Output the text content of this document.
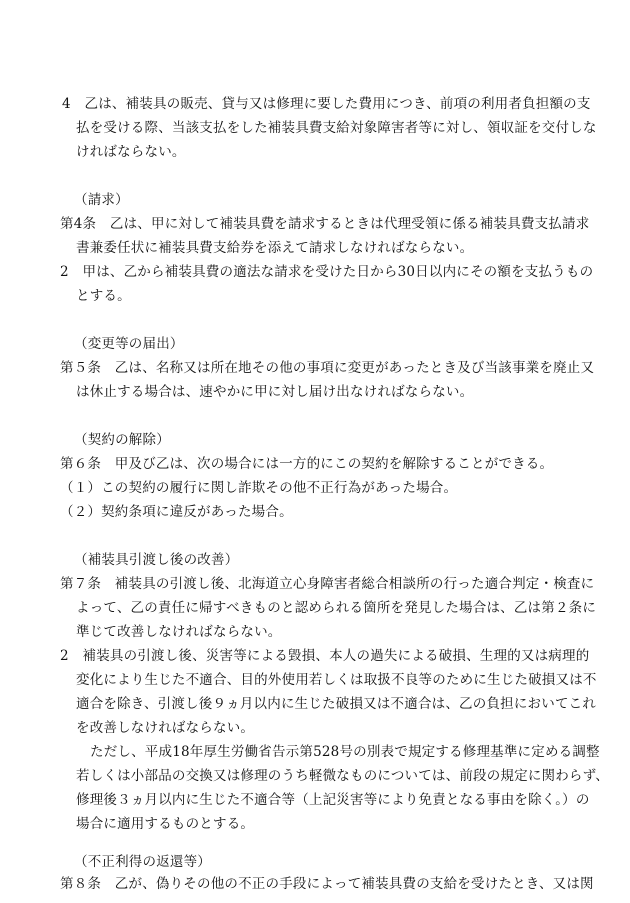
4　乙は、補装具の販売、貸与又は修理に要した費用につき、前項の利用者負担額の支
払を受ける際、当該支払をした補装具費支給対象障害者等に対し、領収証を交付しな
ければならない。
（請求）
第4条　乙は、甲に対して補装具費を請求するときは代理受領に係る補装具費支払請求
書兼委任状に補装具費支給券を添えて請求しなければならない。
2　甲は、乙から補装具費の適法な請求を受けた日から30日以内にその額を支払うもの
とする。
（変更等の届出）
第５条　乙は、名称又は所在地その他の事項に変更があったとき及び当該事業を廃止又
は休止する場合は、速やかに甲に対し届け出なければならない。
（契約の解除）
第６条　甲及び乙は、次の場合には一方的にこの契約を解除することができる。
（１）この契約の履行に関し詐欺その他不正行為があった場合。
（２）契約条項に違反があった場合。
（補装具引渡し後の改善）
第７条　補装具の引渡し後、北海道立心身障害者総合相談所の行った適合判定・検査に
よって、乙の責任に帰すべきものと認められる箇所を発見した場合は、乙は第２条に
準じて改善しなければならない。
2　補装具の引渡し後、災害等による毀損、本人の過失による破損、生理的又は病理的
変化により生じた不適合、目的外使用若しくは取扱不良等のために生じた破損又は不
適合を除き、引渡し後９ヵ月以内に生じた破損又は不適合は、乙の負担においてこれ
を改善しなければならない。
ただし、平成18年厚生労働省告示第528号の別表で規定する修理基準に定める調整
若しくは小部品の交換又は修理のうち軽微なものについては、前段の規定に関わらず、
修理後３ヵ月以内に生じた不適合等（上記災害等により免責となる事由を除く。）の
場合に適用するものとする。
（不正利得の返還等）
第８条　乙が、偽りその他の不正の手段によって補装具費の支給を受けたとき、又は関
